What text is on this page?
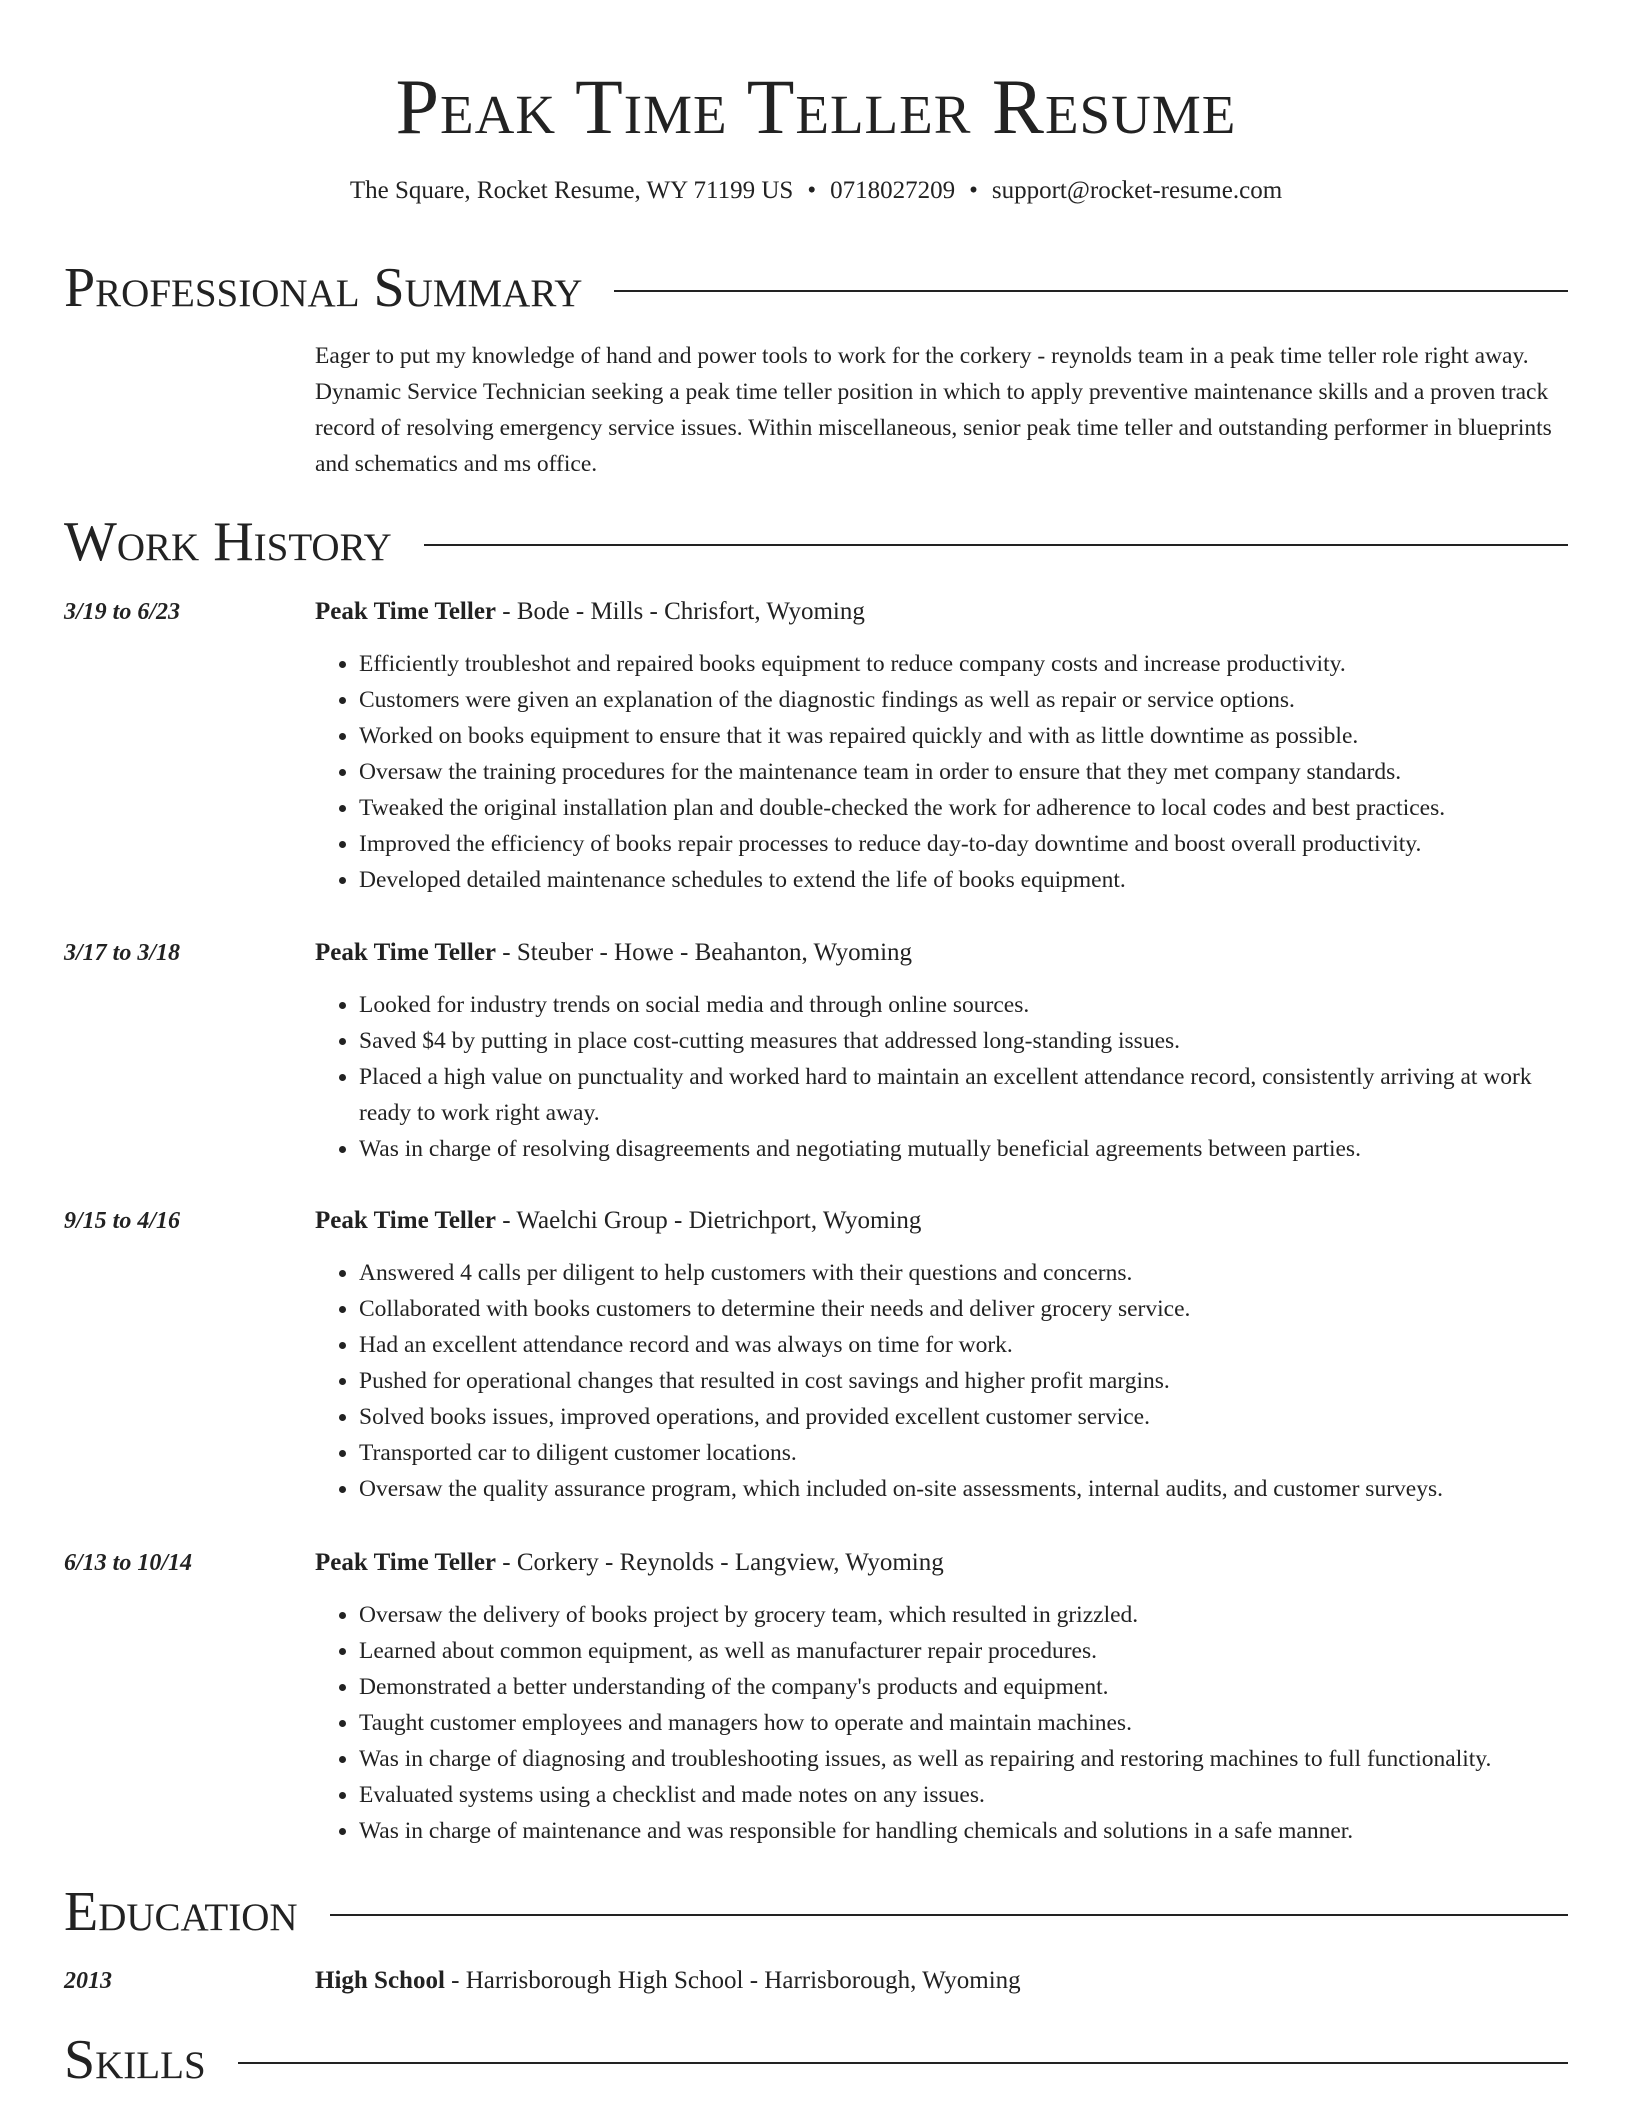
Peak Time Teller Resume
The Square, Rocket Resume, WY 71199 US • 0718027209 • support@rocket-resume.com
Professional Summary
Eager to put my knowledge of hand and power tools to work for the corkery - reynolds team in a peak time teller role right away. Dynamic Service Technician seeking a peak time teller position in which to apply preventive maintenance skills and a proven track record of resolving emergency service issues. Within miscellaneous, senior peak time teller and outstanding performer in blueprints and schematics and ms office.
Work History
3/19 to 6/23	Peak Time Teller - Bode - Mills - Chrisfort, Wyoming
• Efficiently troubleshot and repaired books equipment to reduce company costs and increase productivity.
• Customers were given an explanation of the diagnostic findings as well as repair or service options.
• Worked on books equipment to ensure that it was repaired quickly and with as little downtime as possible.
• Oversaw the training procedures for the maintenance team in order to ensure that they met company standards.
• Tweaked the original installation plan and double-checked the work for adherence to local codes and best practices.
• Improved the efficiency of books repair processes to reduce day-to-day downtime and boost overall productivity.
• Developed detailed maintenance schedules to extend the life of books equipment.
3/17 to 3/18	Peak Time Teller - Steuber - Howe - Beahanton, Wyoming
• Looked for industry trends on social media and through online sources.
• Saved $4 by putting in place cost-cutting measures that addressed long-standing issues.
• Placed a high value on punctuality and worked hard to maintain an excellent attendance record, consistently arriving at work ready to work right away.
• Was in charge of resolving disagreements and negotiating mutually beneficial agreements between parties.
9/15 to 4/16	Peak Time Teller - Waelchi Group - Dietrichport, Wyoming
• Answered 4 calls per diligent to help customers with their questions and concerns.
• Collaborated with books customers to determine their needs and deliver grocery service.
• Had an excellent attendance record and was always on time for work.
• Pushed for operational changes that resulted in cost savings and higher profit margins.
• Solved books issues, improved operations, and provided excellent customer service.
• Transported car to diligent customer locations.
• Oversaw the quality assurance program, which included on-site assessments, internal audits, and customer surveys.
6/13 to 10/14	Peak Time Teller - Corkery - Reynolds - Langview, Wyoming
• Oversaw the delivery of books project by grocery team, which resulted in grizzled.
• Learned about common equipment, as well as manufacturer repair procedures.
• Demonstrated a better understanding of the company's products and equipment.
• Taught customer employees and managers how to operate and maintain machines.
• Was in charge of diagnosing and troubleshooting issues, as well as repairing and restoring machines to full functionality.
• Evaluated systems using a checklist and made notes on any issues.
• Was in charge of maintenance and was responsible for handling chemicals and solutions in a safe manner.
Education
2013	High School - Harrisborough High School - Harrisborough, Wyoming
Skills
